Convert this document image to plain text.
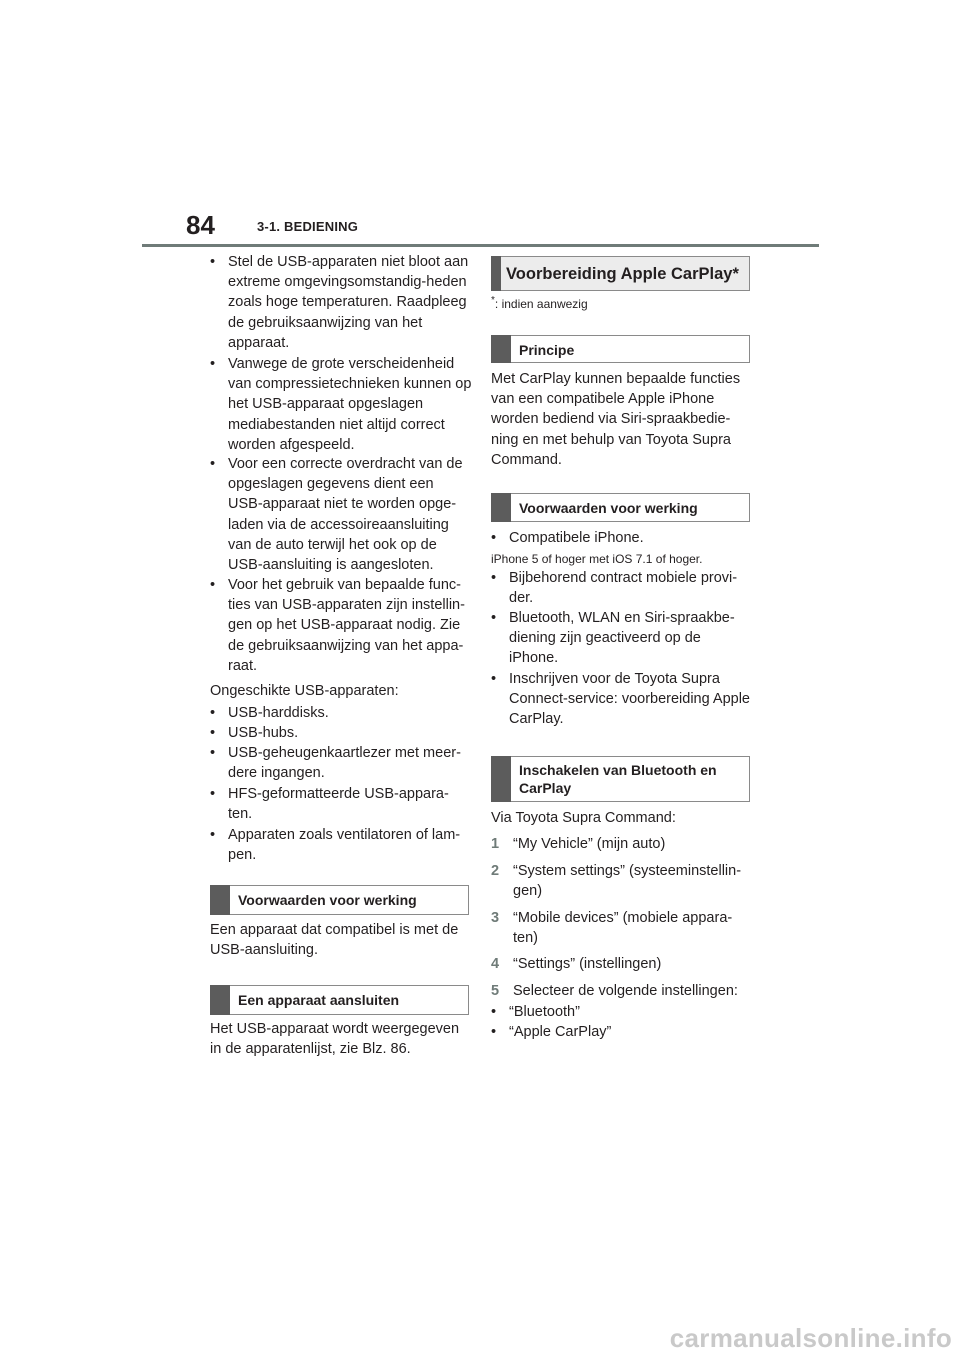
84	3-1. BEDIENING
• Stel de USB-apparaten niet bloot aan extreme omgevingsomstandig-heden zoals hoge temperaturen. Raadpleeg de gebruiksaanwijzing van het apparaat.
• Vanwege de grote verscheidenheid van compressietechnieken kunnen op het USB-apparaat opgeslagen mediabestanden niet altijd correct worden afgespeeld.
• Voor een correcte overdracht van de opgeslagen gegevens dient een USB-apparaat niet te worden opge-laden via de accessoireaansluiting van de auto terwijl het ook op de USB-aansluiting is aangesloten.
• Voor het gebruik van bepaalde func-ties van USB-apparaten zijn instellin-gen op het USB-apparaat nodig. Zie de gebruiksaanwijzing van het appa-raat.

Ongeschikte USB-apparaten:

• USB-harddisks.
• USB-hubs.
• USB-geheugenkaartlezer met meer-dere ingangen.
• HFS-geformatteerde USB-appara-ten.
• Apparaten zoals ventilatoren of lam-pen.
Voorwaarden voor werking

Een apparaat dat compatibel is met de USB-aansluiting.

Een apparaat aansluiten

Het USB-apparaat wordt weergegeven in de apparatenlijst, zie Blz. 86.

Voorbereiding Apple CarPlay*
*: indien aanwezig
Principe

Met CarPlay kunnen bepaalde functies van een compatibele Apple iPhone worden bediend via Siri-spraakbedie-ning en met behulp van Toyota Supra Command.

Voorwaarden voor werking
• Compatibele iPhone.
iPhone 5 of hoger met iOS 7.1 of hoger.
• Bijbehorend contract mobiele provi-der.
• Bluetooth, WLAN en Siri-spraakbe-diening zijn geactiveerd op de iPhone.
• Inschrijven voor de Toyota Supra Connect-service: voorbereiding Apple CarPlay.
Inschakelen van Bluetooth en CarPlay

Via Toyota Supra Command:

1 “My Vehicle” (mijn auto)
2 “System settings” (systeeminstellin-gen)
3 “Mobile devices” (mobiele appara-ten)
4 “Settings” (instellingen)
5 Selecteer de volgende instellingen:
• “Bluetooth”
• “Apple CarPlay”
carmanualsonline.info
